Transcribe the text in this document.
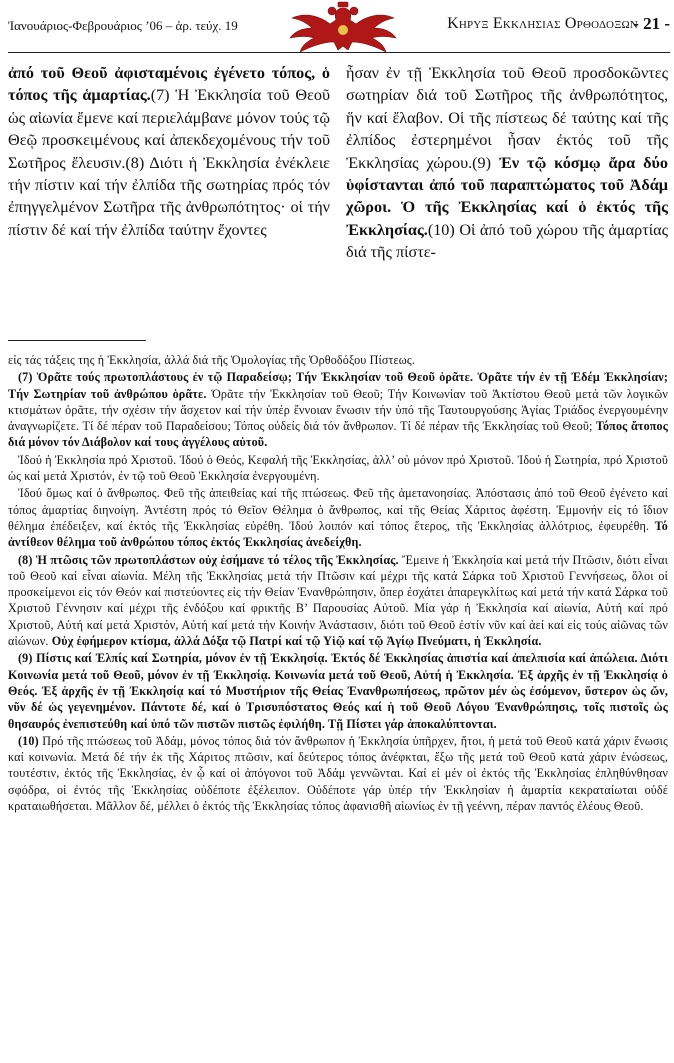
Ἰανουάριος-Φεβρουάριος ’06 – ἀρ. τεύχ. 19	Κηρυξ Εκκλησιας Ορθοδοξων
- 21 -
ἀπό τοῦ Θεοῦ ἀφισταμένοις ἐγένετο τόπος, ὁ τόπος τῆς ἁμαρτίας.(7) Ἡ Ἐκκλησία τοῦ Θεοῦ ὡς αἰωνία ἔμενε καί περιελάμβανε μόνον τούς τῷ Θεῷ προσκειμένους καί ἀπεκδεχομένους τήν τοῦ Σωτῆρος ἔλευσιν.(8) Διότι ἡ Ἐκκλησία ἐνέκλειε τήν πίστιν καί τήν ἐλπίδα τῆς σωτηρίας πρός τόν ἐπηγγελμένον Σωτῆρα τῆς ἀνθρωπότητος· οἱ τήν πίστιν δέ καί τήν ἐλπίδα ταύτην ἔχοντες
ἦσαν ἐν τῇ Ἐκκλησία τοῦ Θεοῦ προσδοκῶντες σωτηρίαν διά τοῦ Σωτῆρος τῆς ἀνθρωπότητος, ἥν καί ἔλαβον. Οἱ τῆς πίστεως δέ ταύτης καί τῆς ἐλπίδος ἐστερημένοι ἦσαν ἐκτός τοῦ τῆς Ἐκκλησίας χώρου.(9) Ἐν τῷ κόσμῳ ἄρα δύο ὑφίστανται ἀπό τοῦ παραπτώματος τοῦ Ἀδάμ χῶροι. Ὁ τῆς Ἐκκλησίας καί ὁ ἐκτός τῆς Ἐκκλησίας.(10) Οἱ ἀπό τοῦ χώρου τῆς ἁμαρτίας διά τῆς πίστε-

εἰς τάς τάξεις της ἡ Ἐκκλησία, ἀλλά διά τῆς Ὁμολογίας τῆς Ὀρθοδόξου Πίστεως.

(7) Ὁρᾶτε τούς πρωτοπλάστους ἐν τῷ Παραδείσῳ; Τήν Ἐκκλησίαν τοῦ Θεοῦ ὁρᾶτε. Ὁρᾶτε τήν ἐν τῇ Ἐδέμ Ἐκκλησίαν; Τήν Σωτηρίαν τοῦ ἀνθρώπου ὁρᾶτε. Ὁρᾶτε τήν Ἐκκλησίαν τοῦ Θεοῦ; Τήν Κοινωνίαν τοῦ Ἀκτίστου Θεοῦ μετά τῶν λογικῶν κτισμάτων ὁρᾶτε, τήν σχέσιν τήν ἄσχετον καί τήν ὑπέρ ἔννοιαν ἕνωσιν τήν ὑπό τῆς Ταυτουργούσης Ἁγίας Τριάδος ἐνεργουμένην ἀναγνωρίζετε. Τί δέ πέραν τοῦ Παραδείσου; Τόπος οὐδείς διά τόν ἄνθρωπον. Τί δέ πέραν τῆς Ἐκκλησίας τοῦ Θεοῦ; Τόπος ἄτοπος διά μόνον τόν Διάβολον καί τους ἀγγέλους αὐτοῦ.

Ἰδού ἡ Ἐκκλησία πρό Χριστοῦ. Ἰδού ὁ Θεός, Κεφαλή τῆς Ἐκκλησίας, ἀλλ’ οὐ μόνον πρό Χριστοῦ. Ἰδού ἡ Σωτηρία, πρό Χριστοῦ ὡς καί μετά Χριστόν, ἐν τῷ τοῦ Θεοῦ Ἐκκλησία ἐνεργουμένη.

Ἰδού ὅμως καί ὁ ἄνθρωπος. Φεῦ τῆς ἀπειθείας καί τῆς πτώσεως. Φεῦ τῆς ἀμετανοησίας. Ἀπόστασις ἀπό τοῦ Θεοῦ ἐγένετο καί τόπος ἁμαρτίας διηνοίγη. Ἀντέστη πρός τό Θεῖον Θέλημα ὁ ἄνθρωπος, καί τῆς Θείας Χάριτος ἀφέστη. Ἐμμονήν εἰς τό ἴδιον θέλημα ἐπέδειξεν, καί ἐκτός τῆς Ἐκκλησίας εὑρέθη. Ἰδού λοιπόν καί τόπος ἕτερος, τῆς Ἐκκλησίας ἀλλότριος, ἐφευρέθη. Τό ἀντίθεον θέλημα τοῦ ἀνθρώπου τόπος ἐκτός Ἐκκλησίας ἀνεδείχθη.

(8) Ἡ πτῶσις τῶν πρωτοπλάστων οὐχ ἐσήμανε τό τέλος τῆς Ἐκκλησίας. Ἔμεινε ἡ Ἐκκλησία καί μετά τήν Πτῶσιν, διότι εἶναι τοῦ Θεοῦ καί εἶναι αἰωνία. Μέλη τῆς Ἐκκλησίας μετά τήν Πτῶσιν καί μέχρι τῆς κατά Σάρκα τοῦ Χριστοῦ Γεννήσεως, ὅλοι οἱ προσκείμενοι εἰς τόν Θεόν καί πιστεύοντες εἰς τήν Θείαν Ἐνανθρώπησιν, ὅπερ ἐσχάτει ἀπαρεγκλίτως καί μετά τήν κατά Σάρκα τοῦ Χριστοῦ Γέννησιν καί μέχρι τῆς ἐνδόξου καί φρικτῆς Β’ Παρουσίας Αὐτοῦ. Μία γάρ ἡ Ἐκκλησία καί αἰωνία, Αὐτή καί πρό Χριστοῦ, Αὐτή καί μετά Χριστόν, Αὐτή καί μετά τήν Κοινήν Ἀνάστασιν, διότι τοῦ Θεοῦ ἐστίν νῦν καί ἀεί καί εἰς τούς αἰῶνας τῶν αἰώνων. Οὐχ ἐφήμερον κτίσμα, ἀλλά Δόξα τῷ Πατρί καί τῷ Υἱῷ καί τῷ Ἁγίῳ Πνεύματι, ἡ Ἐκκλησία.

(9) Πίστις καί Ἐλπίς καί Σωτηρία, μόνον ἐν τῇ Ἐκκλησίᾳ. Ἐκτός δέ Ἐκκλησίας ἀπιστία καί ἀπελπισία καί ἀπώλεια. Διότι Κοινωνία μετά τοῦ Θεοῦ, μόνον ἐν τῇ Ἐκκλησίᾳ. Κοινωνία μετά τοῦ Θεοῦ, Αὐτή ἡ Ἐκκλησία. Ἐξ ἀρχῆς ἐν τῇ Ἐκκλησίᾳ ὁ Θεός. Ἐξ ἀρχῆς ἐν τῇ Ἐκκλησίᾳ καί τό Μυστήριον τῆς Θείας Ἐνανθρωπήσεως, πρῶτον μέν ὡς ἐσόμενον, ὕστερον ὡς ὤν, νῦν δέ ὡς γεγενημένον. Πάντοτε δέ, καί ὁ Τρισυπόστατος Θεός καί ἡ τοῦ Θεοῦ Λόγου Ἐνανθρώπησις, τοῖς πιστοῖς ὡς θησαυρός ἐνεπιστεύθη καί ὑπό τῶν πιστῶν πιστῶς ἐφιλήθη. Τῇ Πίστει γάρ ἀποκαλύπτονται.

(10) Πρό τῆς πτώσεως τοῦ Ἀδάμ, μόνος τόπος διά τόν ἄνθρωπον ἡ Ἐκκλησία ὑπῆρχεν, ἤτοι, ἡ μετά τοῦ Θεοῦ κατά χάριν ἕνωσις καί κοινωνία. Μετά δέ τήν ἐκ τῆς Χάριτος πτῶσιν, καί δεύτερος τόπος ἀνέφκται, ἔξω τῆς μετά τοῦ Θεοῦ κατά χάριν ἑνώσεως, τουτέστιν, ἐκτός τῆς Ἐκκλησίας, ἐν ᾧ καί οἱ ἀπόγονοι τοῦ Ἀδάμ γεννῶνται. Καί εἰ μέν οἱ ἐκτός τῆς Ἐκκλησίας ἐπληθύνθησαν σφόδρα, οἱ ἐντός τῆς Ἐκκλησίας οὐδέποτε ἐξέλειπον. Οὐδέποτε γάρ ὑπέρ τήν Ἐκκλησίαν ἡ ἁμαρτία κεκραταίωται οὐδέ κραταιωθήσεται. Μᾶλλον δέ, μέλλει ὁ ἐκτός τῆς Ἐκκλησίας τόπος ἀφανισθῆ αἰωνίως ἐν τῇ γεέννη, πέραν παντός ἐλέους Θεοῦ.
